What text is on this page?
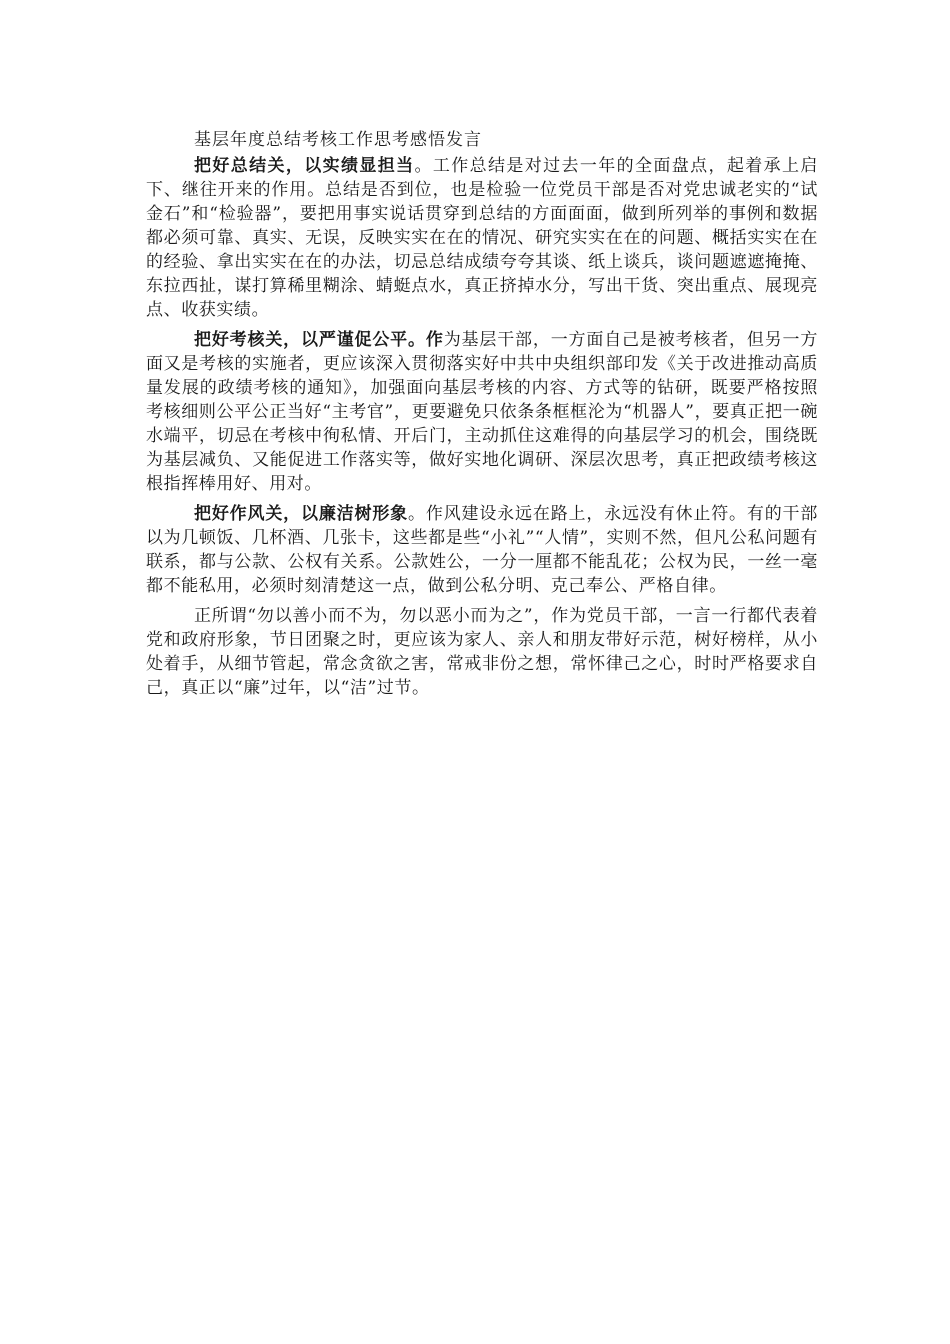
基层年度总结考核工作思考感悟发言

把好总结关，以实绩显担当。工作总结是对过去一年的全面盘点，起着承上启下、继往开来的作用。总结是否到位，也是检验一位党员干部是否对党忠诚老实的“试金石”和“检验器”，要把用事实说话贯穿到总结的方面面面，做到所列举的事例和数据都必须可靠、真实、无误，反映实实在在的情况、研究实实在在的问题、概括实实在在的经验、拿出实实在在的办法，切忌总结成绩夸夸其谈、纸上谈兵，谈问题遮遮掩掩、东拉西扯，谋打算稀里糊涂、蜻蜓点水，真正挤掉水分，写出干货、突出重点、展现亮点、收获实绩。

把好考核关，以严谨促公平。作为基层干部，一方面自己是被考核者，但另一方面又是考核的实施者，更应该深入贯彻落实好中共中央组织部印发《关于改进推动高质量发展的政绩考核的通知》，加强面向基层考核的内容、方式等的钻研，既要严格按照考核细则公平公正当好“主考官”，更要避免只依条条框框沦为“机器人”，要真正把一碗水端平，切忌在考核中徇私情、开后门，主动抓住这难得的向基层学习的机会，围绕既为基层减负、又能促进工作落实等，做好实地化调研、深层次思考，真正把政绩考核这根指挥棒用好、用对。

把好作风关，以廉洁树形象。作风建设永远在路上，永远没有休止符。有的干部以为几顿饭、几杯酒、几张卡，这些都是些“小礼”“人情”，实则不然，但凡公私问题有联系，都与公款、公权有关系。公款姓公，一分一厘都不能乱花；公权为民，一丝一毫都不能私用，必须时刻清楚这一点，做到公私分明、克己奉公、严格自律。

正所谓“勿以善小而不为，勿以恶小而为之”，作为党员干部，一言一行都代表着党和政府形象，节日团聚之时，更应该为家人、亲人和朋友带好示范，树好榜样，从小处着手，从细节管起，常念贪欲之害，常戒非份之想，常怀律己之心，时时严格要求自己，真正以“廉”过年，以“洁”过节。
